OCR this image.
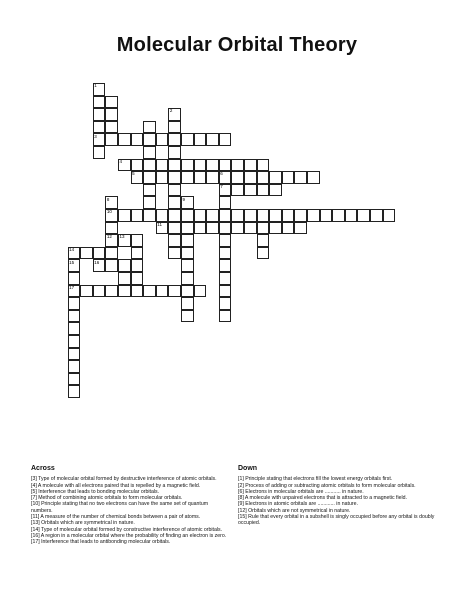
Molecular Orbital Theory
1
2
3
4
5	6
7
8	9
10
11
12 13
14
15	16
17
Across

[3] Type of molecular orbital formed by destructive interference of atomic orbitals.

[4] A molecule with all electrons paired that is repelled by a magnetic field.

[5] Interference that leads to bonding molecular orbitals.

[7] Method of combining atomic orbitals to form molecular orbitals.

[10] Principle stating that no two electrons can have the same set of quantum numbers.

[11] A measure of the number of chemical bonds between a pair of atoms.

[13] Orbitals which are symmetrical in nature.

[14] Type of molecular orbital formed by constructive interference of atomic orbitals.

[16] A region in a molecular orbital where the probability of finding an electron is zero.

[17] Interference that leads to antibonding molecular orbitals.

Down

[1] Principle stating that electrons fill the lowest energy orbitals first.

[2] Process of adding or subtracting atomic orbitals to form molecular orbitals.

[6] Electrons in molecular orbitals are ........... in nature.

[8] A molecule with unpaired electrons that is attracted to a magnetic field.

[9] Electrons in atomic orbitals are ............ in nature.

[12] Orbitals which are not symmetrical in nature.

[15] Rule that every orbital in a subshell is singly occupied before any orbital is doubly occupied.
